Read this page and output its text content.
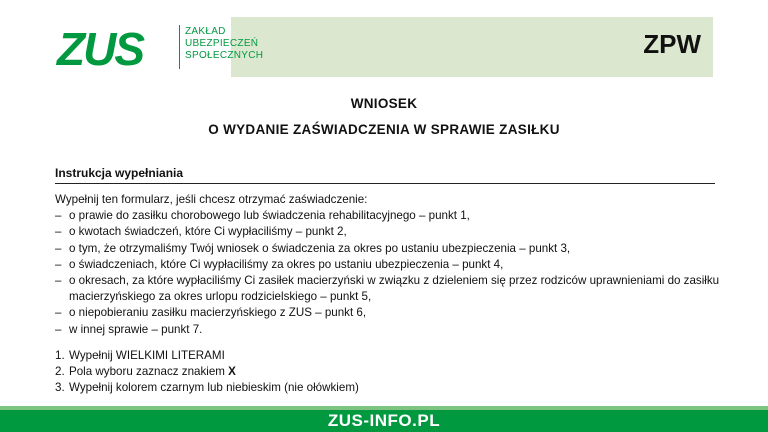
ZUS	ZAKŁAD
UBEZPIECZEŃ
SPOŁECZNYCH	ZPW
WNIOSEK
O WYDANIE ZAŚWIADCZENIA W SPRAWIE ZASIŁKU
Instrukcja wypełniania

Wypełnij ten formularz, jeśli chcesz otrzymać zaświadczenie:

– o prawie do zasiłku chorobowego lub świadczenia rehabilitacyjnego – punkt 1,
– o kwotach świadczeń, które Ci wypłaciliśmy – punkt 2,
– o tym, że otrzymaliśmy Twój wniosek o świadczenia za okres po ustaniu ubezpieczenia – punkt 3,
– o świadczeniach, które Ci wypłaciliśmy za okres po ustaniu ubezpieczenia – punkt 4,
– o okresach, za które wypłaciliśmy Ci zasiłek macierzyński w związku z dzieleniem się przez rodziców uprawnieniami do zasiłku macierzyńskiego za okres urlopu rodzicielskiego – punkt 5,
– o niepobieraniu zasiłku macierzyńskiego z ZUS – punkt 6,
– w innej sprawie – punkt 7.
1. Wypełnij WIELKIMI LITERAMI
2. Pola wyboru zaznacz znakiem X
3. Wypełnij kolorem czarnym lub niebieskim (nie ołówkiem)
ZUS-INFO.PL
